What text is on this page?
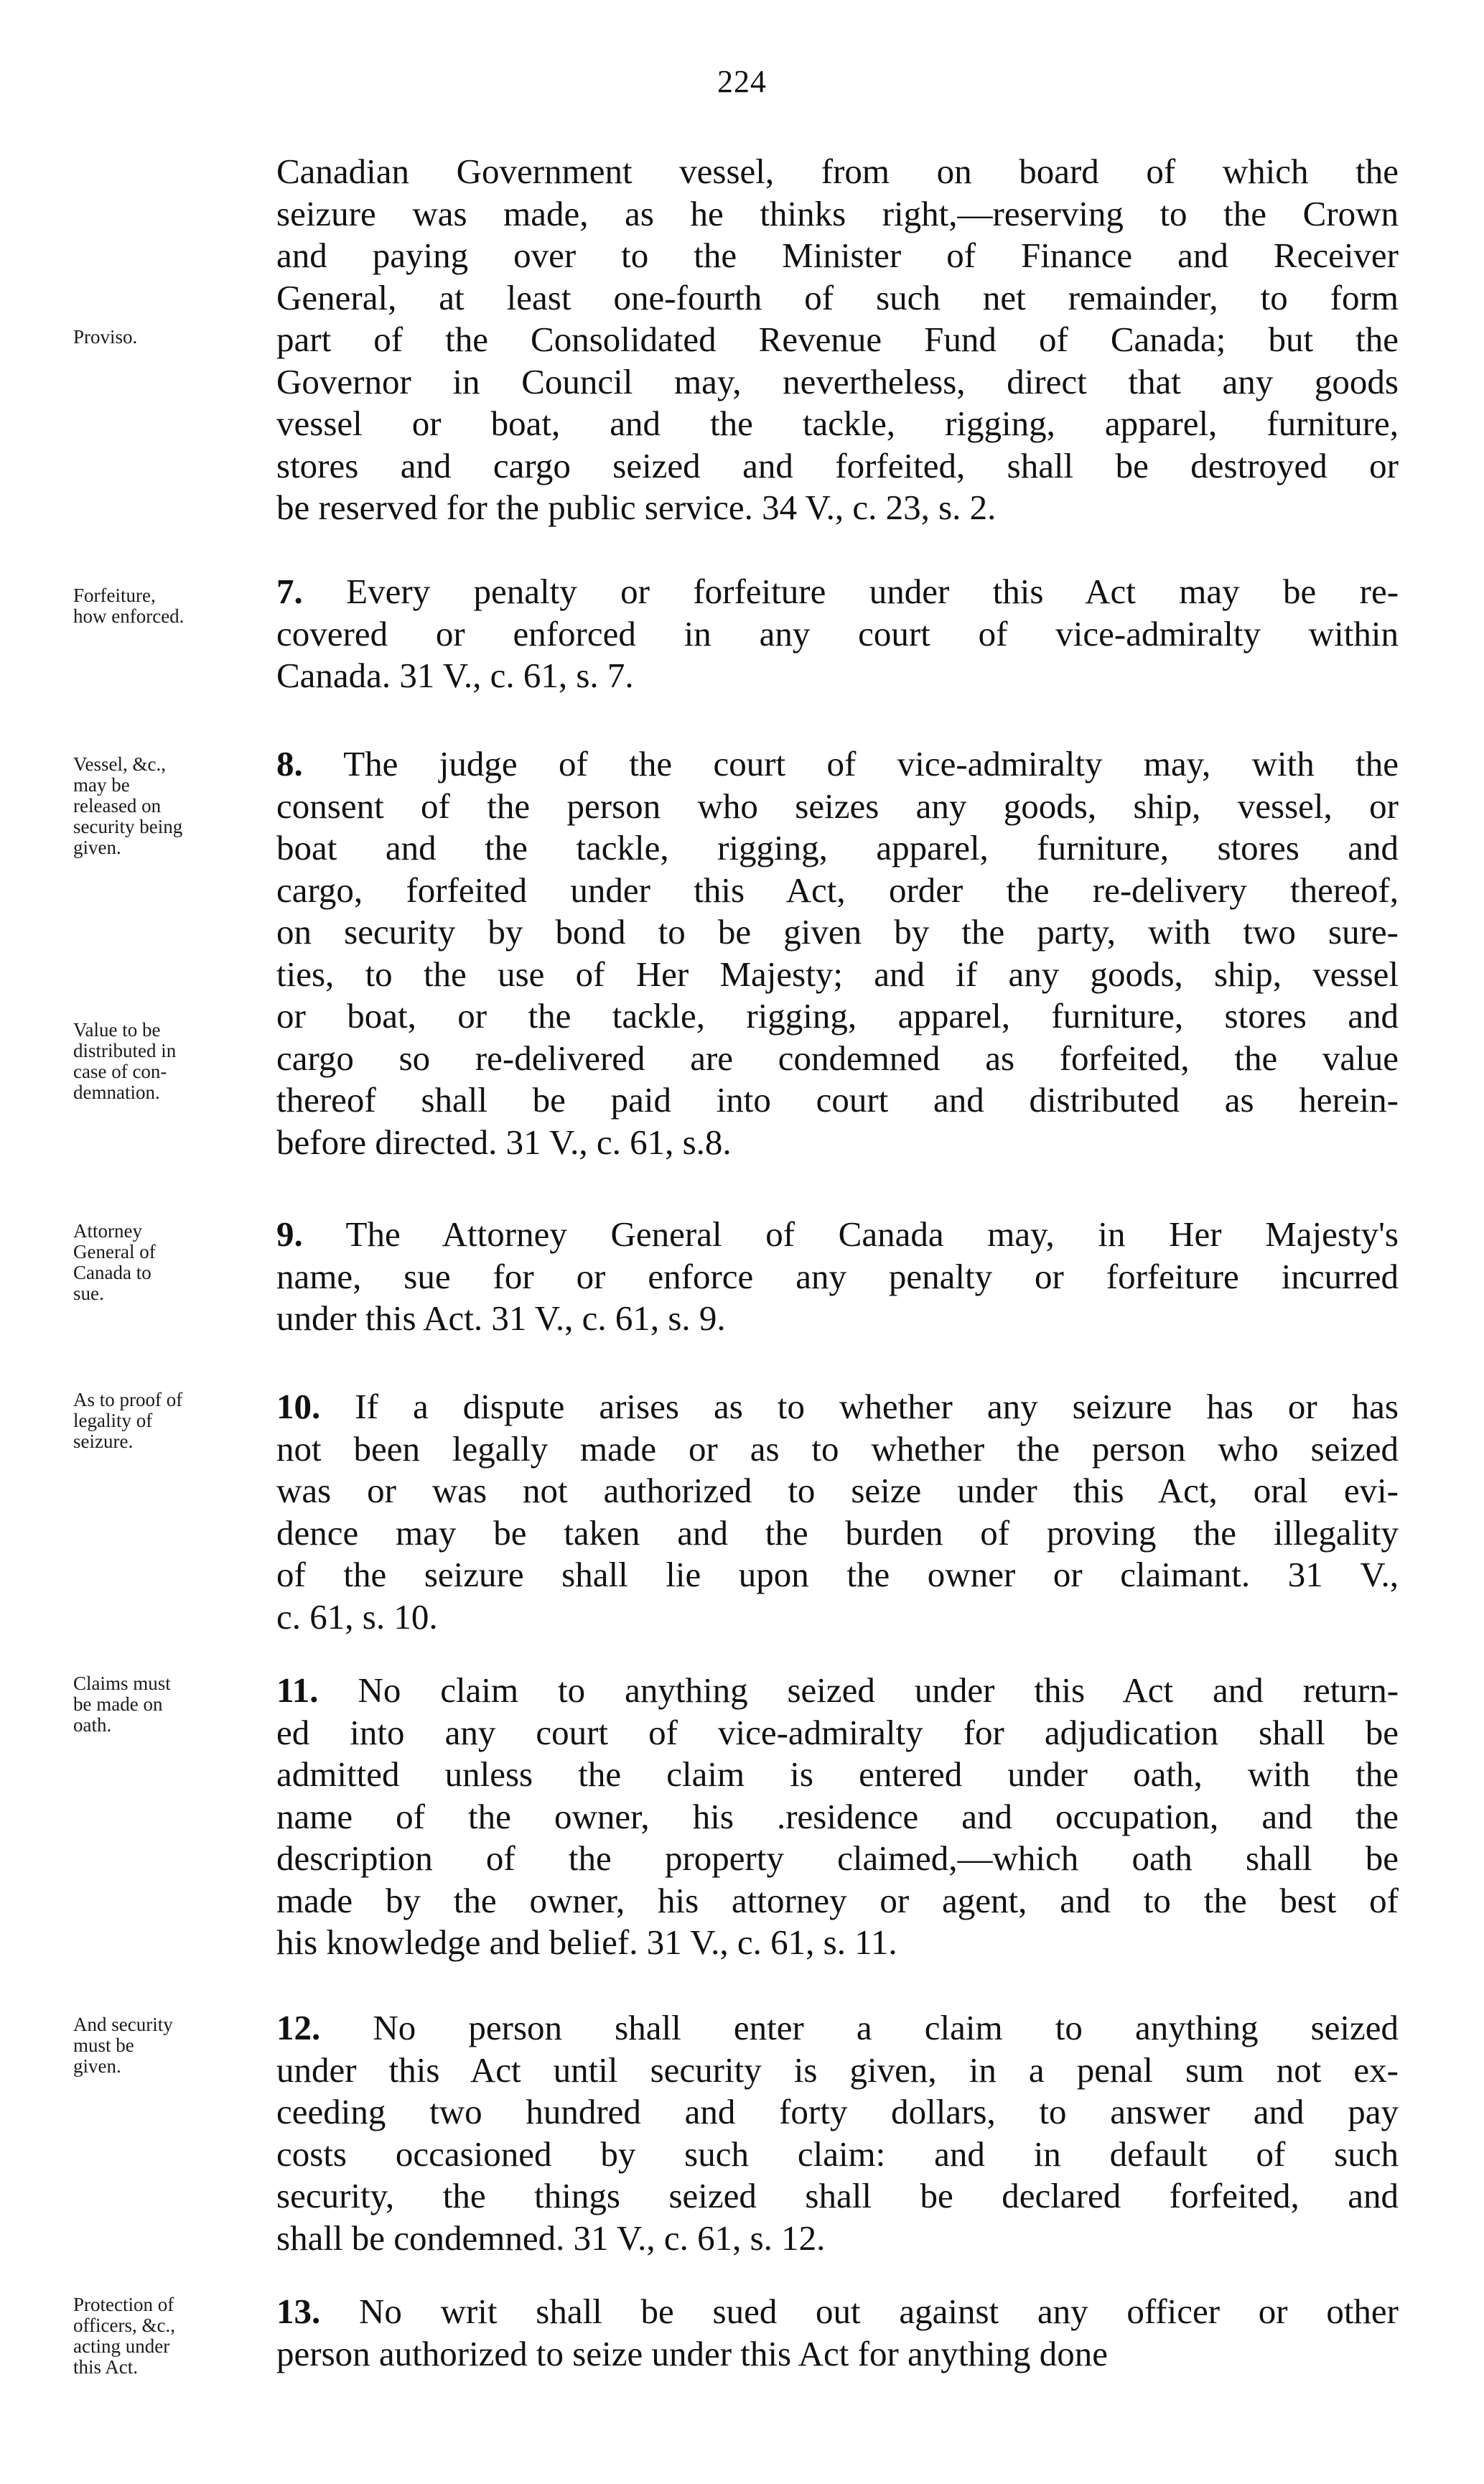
224
Canadian Government vessel, from on board of which the
seizure was made, as he thinks right,—reserving to the Crown
and paying over to the Minister of Finance and Receiver
General, at least one-fourth of such net remainder, to form
part of the Consolidated Revenue Fund of Canada; but the
Governor in Council may, nevertheless, direct that any goods
vessel or boat, and the tackle, rigging, apparel, furniture,
stores and cargo seized and forfeited, shall be destroyed or
be reserved for the public service. 34 V., c. 23, s. 2.
7. Every penalty or forfeiture under this Act may be re-
covered or enforced in any court of vice-admiralty within
Canada. 31 V., c. 61, s. 7.
8. The judge of the court of vice-admiralty may, with the
consent of the person who seizes any goods, ship, vessel, or
boat and the tackle, rigging, apparel, furniture, stores and
cargo, forfeited under this Act, order the re-delivery thereof,
on security by bond to be given by the party, with two sure-
ties, to the use of Her Majesty; and if any goods, ship, vessel
or boat, or the tackle, rigging, apparel, furniture, stores and
cargo so re-delivered are condemned as forfeited, the value
thereof shall be paid into court and distributed as herein-
before directed. 31 V., c. 61, s.8.
9. The Attorney General of Canada may, in Her Majesty's
name, sue for or enforce any penalty or forfeiture incurred
under this Act. 31 V., c. 61, s. 9.
10. If a dispute arises as to whether any seizure has or has
not been legally made or as to whether the person who seized
was or was not authorized to seize under this Act, oral evi-
dence may be taken and the burden of proving the illegality
of the seizure shall lie upon the owner or claimant. 31 V.,
c. 61, s. 10.
11. No claim to anything seized under this Act and return-
ed into any court of vice-admiralty for adjudication shall be
admitted unless the claim is entered under oath, with the
name of the owner, his .residence and occupation, and the
description of the property claimed,—which oath shall be
made by the owner, his attorney or agent, and to the best of
his knowledge and belief. 31 V., c. 61, s. 11.
12. No person shall enter a claim to anything seized
under this Act until security is given, in a penal sum not ex-
ceeding two hundred and forty dollars, to answer and pay
costs occasioned by such claim: and in default of such
security, the things seized shall be declared forfeited, and
shall be condemned. 31 V., c. 61, s. 12.
13. No writ shall be sued out against any officer or other
person authorized to seize under this Act for anything done
Proviso.
Forfeiture,
how enforced.
Vessel, &c.,
may be
released on
security being
given.
Value to be
distributed in
case of con-
demnation.
Attorney
General of
Canada to
sue.
As to proof of
legality of
seizure.
Claims must
be made on
oath.
And security
must be
given.
Protection of
officers, &c.,
acting under
this Act.
